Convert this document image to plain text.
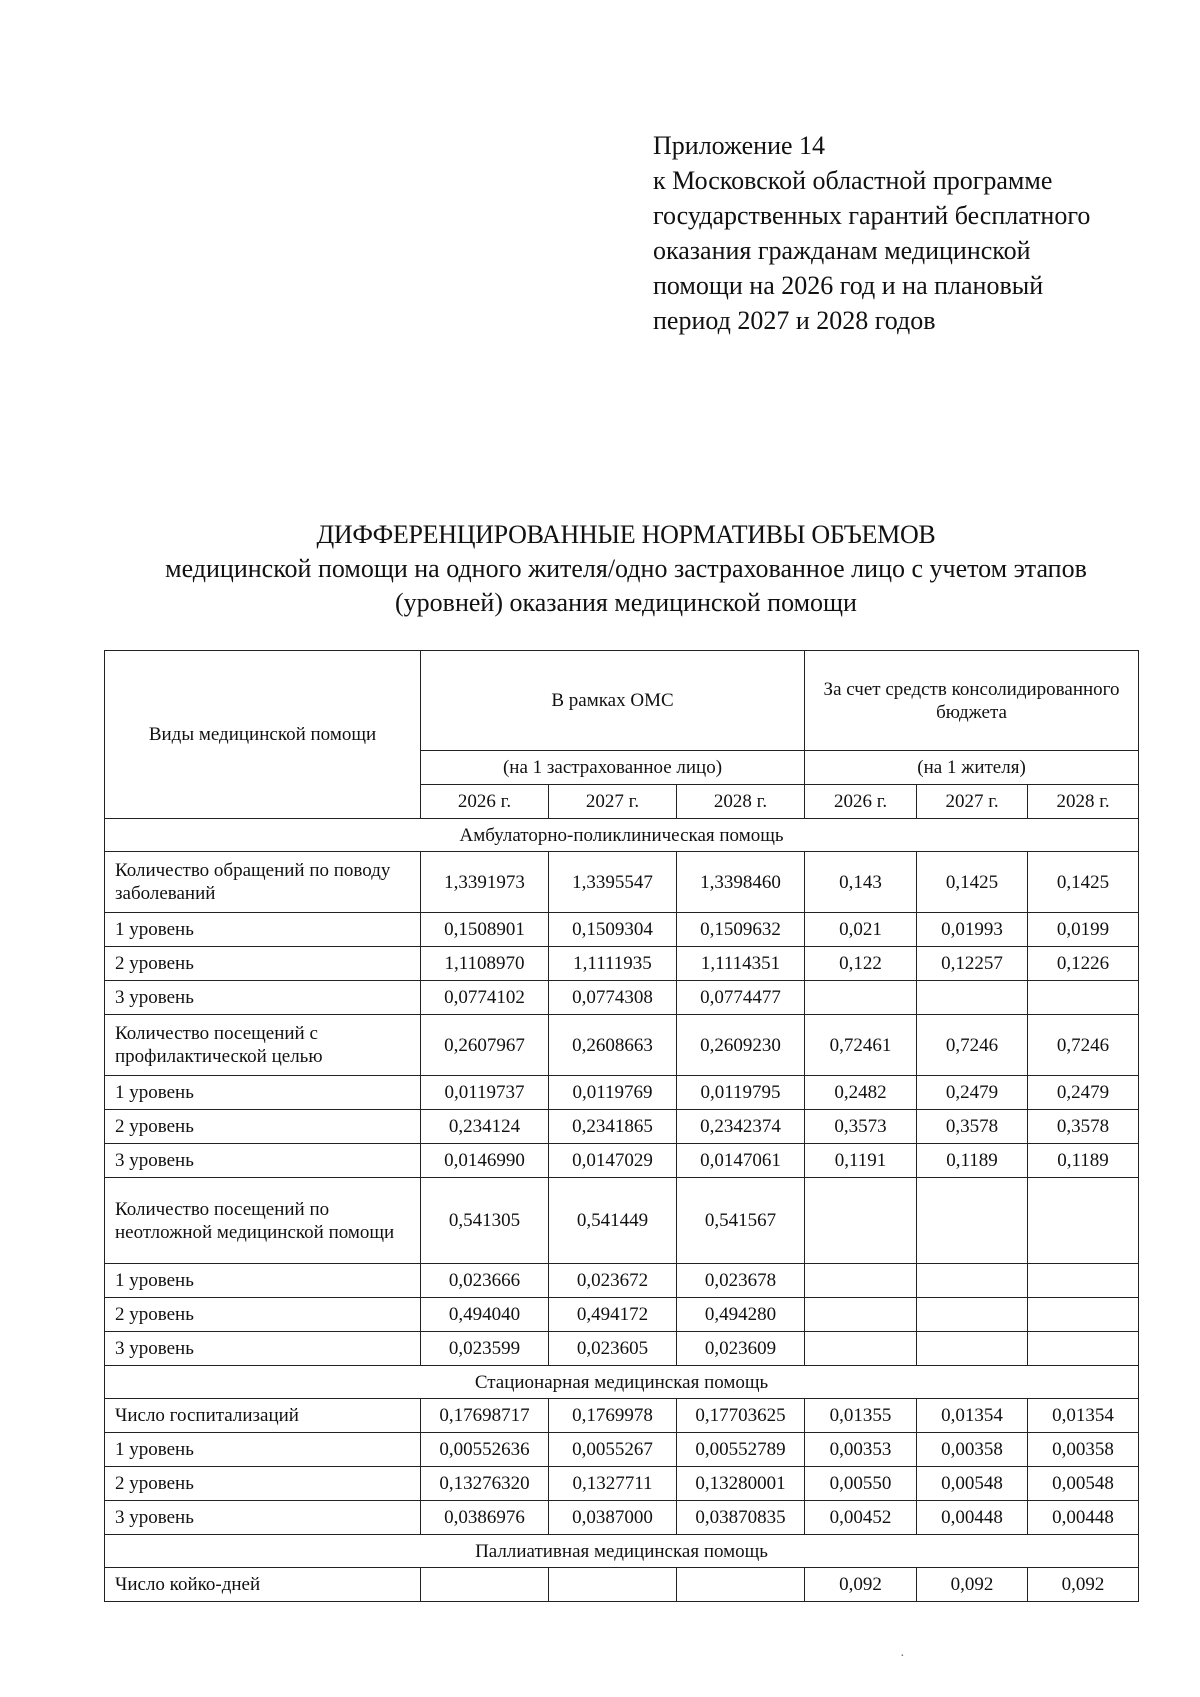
Приложение 14
к Московской областной программе
государственных гарантий бесплатного
оказания гражданам медицинской
помощи на 2026 год и на плановый
период 2027 и 2028 годов
ДИФФЕРЕНЦИРОВАННЫЕ НОРМАТИВЫ ОБЪЕМОВ
медицинской помощи на одного жителя/одно застрахованное лицо с учетом этапов
(уровней) оказания медицинской помощи
Виды медицинской помощи	В рамках ОМС			За счет средств консолидированного бюджета		
	(на 1 застрахованное лицо)			(на 1 жителя)		
	2026 г.	2027 г.	2028 г.	2026 г.	2027 г.	2028 г.
Амбулаторно-поликлиническая помощь						
Количество обращений по поводу заболеваний	1,3391973	1,3395547	1,3398460	0,143	0,1425	0,1425
1 уровень	0,1508901	0,1509304	0,1509632	0,021	0,01993	0,0199
2 уровень	1,1108970	1,1111935	1,1114351	0,122	0,12257	0,1226
3 уровень	0,0774102	0,0774308	0,0774477			
Количество посещений с профилактической целью	0,2607967	0,2608663	0,2609230	0,72461	0,7246	0,7246
1 уровень	0,0119737	0,0119769	0,0119795	0,2482	0,2479	0,2479
2 уровень	0,234124	0,2341865	0,2342374	0,3573	0,3578	0,3578
3 уровень	0,0146990	0,0147029	0,0147061	0,1191	0,1189	0,1189
Количество посещений по неотложной медицинской помощи	0,541305	0,541449	0,541567			
1 уровень	0,023666	0,023672	0,023678			
2 уровень	0,494040	0,494172	0,494280			
3 уровень	0,023599	0,023605	0,023609			
Стационарная медицинская помощь						
Число госпитализаций	0,17698717	0,1769978	0,17703625	0,01355	0,01354	0,01354
1 уровень	0,00552636	0,0055267	0,00552789	0,00353	0,00358	0,00358
2 уровень	0,13276320	0,1327711	0,13280001	0,00550	0,00548	0,00548
3 уровень	0,0386976	0,0387000	0,03870835	0,00452	0,00448	0,00448
Паллиативная медицинская помощь						
Число койко-дней				0,092	0,092	0,092
·
